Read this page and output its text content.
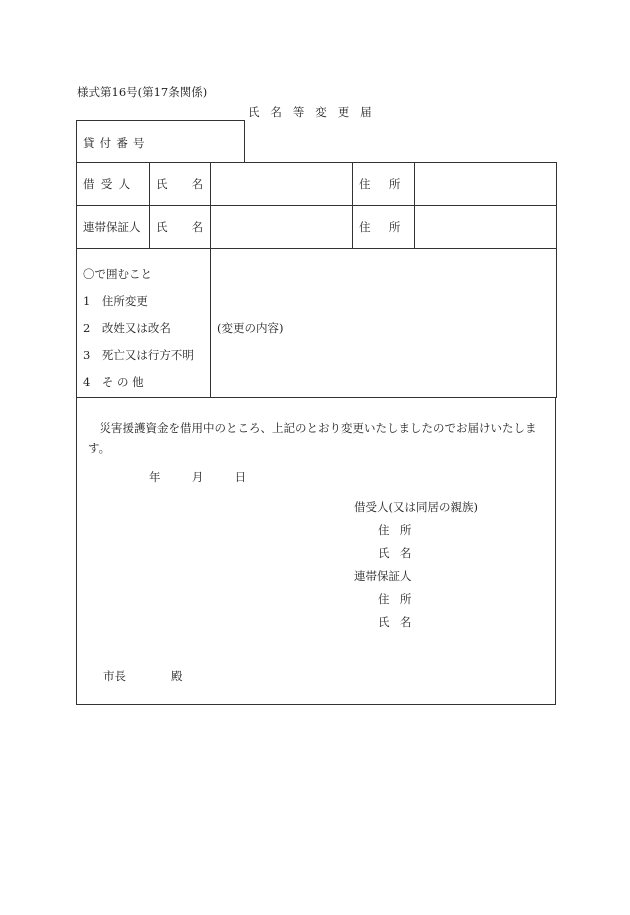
様式第16号(第17条関係)
氏名等変更届
貸付番号
借受人	氏名		住所	
連帯保証人	氏名		住所	

〇で囲むこと
1　住所変更
2　改姓又は改名
3　死亡又は行方不明
4　そ の 他		(変更の内容)		
災害援護資金を借用中のところ、上記のとおり変更いたしましたのでお届けいたします。
年	月	日
借受人(又は同居の親族)
住所
氏名
連帯保証人
住所
氏名
市長	殿
